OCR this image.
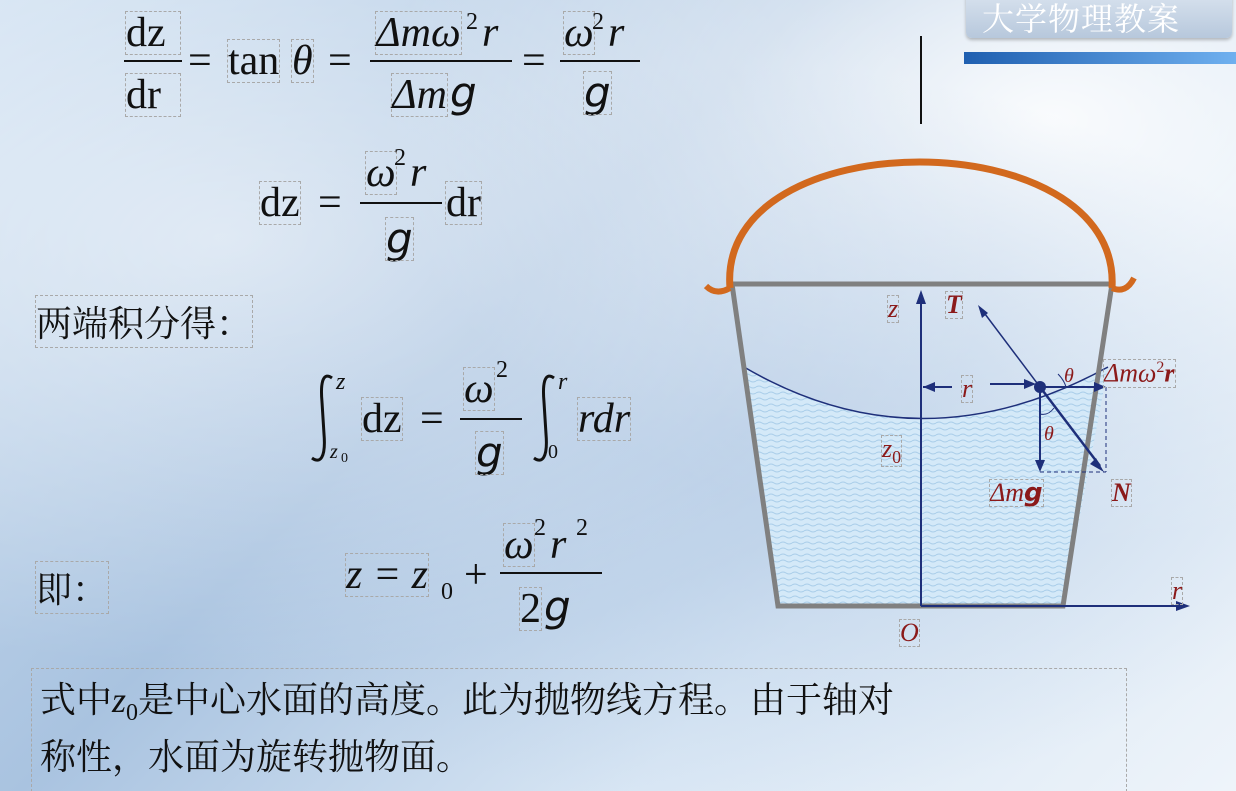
大学物理教案
dz
dr
= tan θ =
Δmω 2 r
Δm g
=
ω
2 r
g
dz =
ω
2 r
g
dr
两端积分得：
z
z 0
dz =
ω 2
g
r
0
rdr
即：	z = z 0 +
ω 2 r 2
2 g
z T
r
$z_0$
Δmω$^2$r
θ
θ
Δmg	N
r
O
式中$z_0$是中心水面的高度。此为抛物线方程。由于轴对
称性，水面为旋转抛物面。
